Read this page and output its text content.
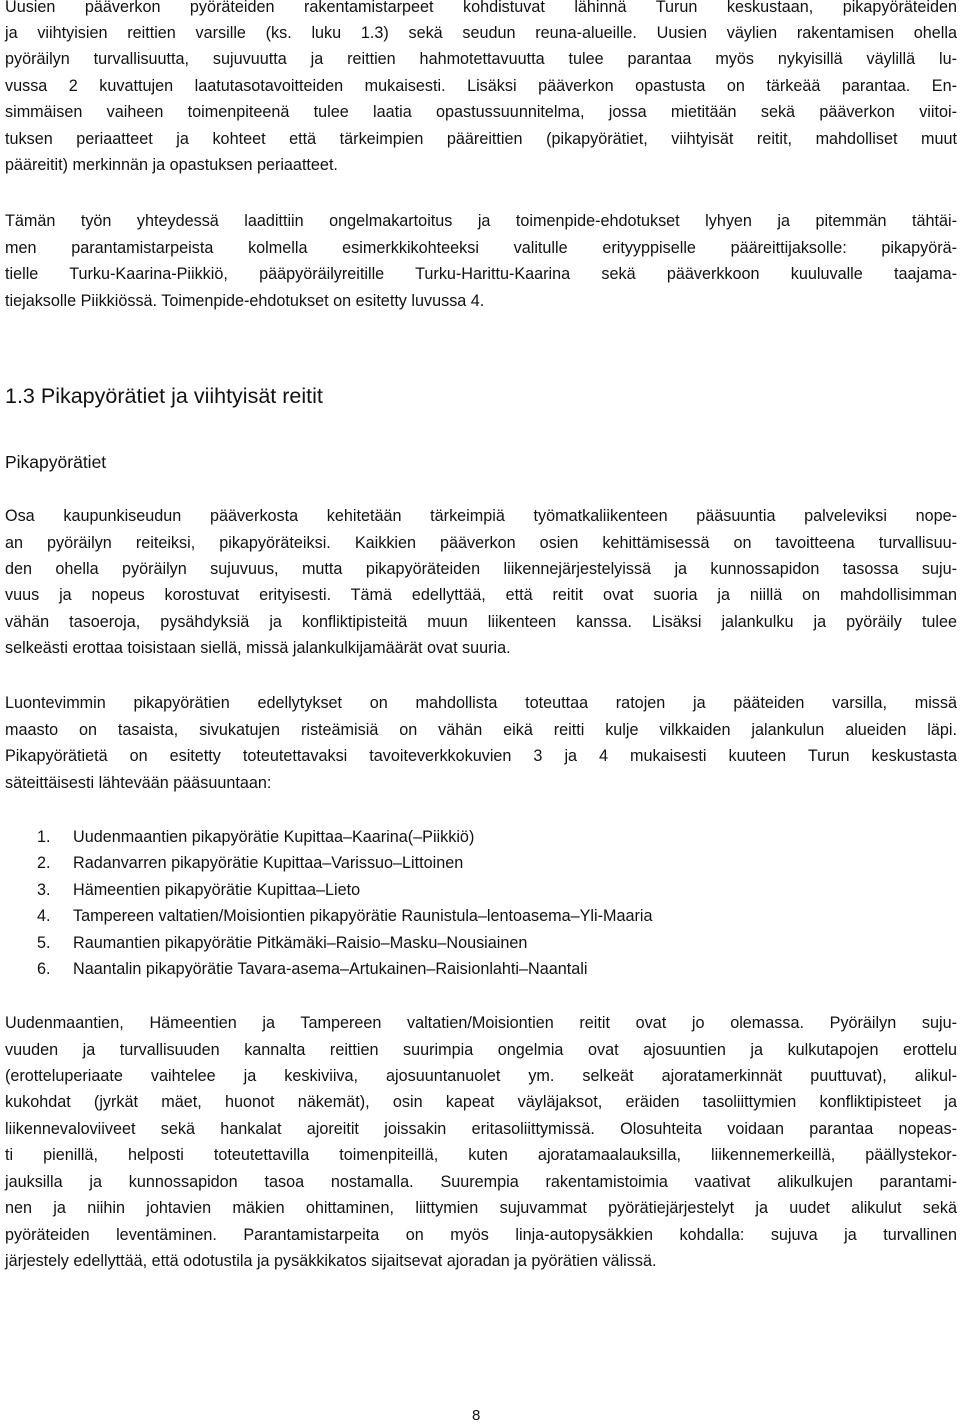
Uusien pääverkon pyöräteiden rakentamistarpeet kohdistuvat lähinnä Turun keskustaan, pikapyöräteiden
ja viihtyisien reittien varsille (ks. luku 1.3) sekä seudun reuna-alueille. Uusien väylien rakentamisen ohella
pyöräilyn turvallisuutta, sujuvuutta ja reittien hahmotettavuutta tulee parantaa myös nykyisillä väylillä lu-
vussa 2 kuvattujen laatutasotavoitteiden mukaisesti. Lisäksi pääverkon opastusta on tärkeää parantaa. En-
simmäisen vaiheen toimenpiteenä tulee laatia opastussuunnitelma, jossa mietitään sekä pääverkon viitoi-
tuksen periaatteet ja kohteet että tärkeimpien pääreittien (pikapyörätiet, viihtyisät reitit, mahdolliset muut
pääreitit) merkinnän ja opastuksen periaatteet.
Tämän työn yhteydessä laadittiin ongelmakartoitus ja toimenpide-ehdotukset lyhyen ja pitemmän tähtäi-
men parantamistarpeista kolmella esimerkkikohteeksi valitulle erityyppiselle pääreittijaksolle: pikapyörä-
tielle Turku-Kaarina-Piikkiö, pääpyöräilyreitille Turku-Harittu-Kaarina sekä pääverkkoon kuuluvalle taajama-
tiejaksolle Piikkiössä. Toimenpide-ehdotukset on esitetty luvussa 4.
1.3 Pikapyörätiet ja viihtyisät reitit
Pikapyörätiet
Osa kaupunkiseudun pääverkosta kehitetään tärkeimpiä työmatkaliikenteen pääsuuntia palveleviksi nope-
an pyöräilyn reiteiksi, pikapyöräteiksi. Kaikkien pääverkon osien kehittämisessä on tavoitteena turvallisuu-
den ohella pyöräilyn sujuvuus, mutta pikapyöräteiden liikennejärjestelyissä ja kunnossapidon tasossa suju-
vuus ja nopeus korostuvat erityisesti. Tämä edellyttää, että reitit ovat suoria ja niillä on mahdollisimman
vähän tasoeroja, pysähdyksiä ja konfliktipisteitä muun liikenteen kanssa. Lisäksi jalankulku ja pyöräily tulee
selkeästi erottaa toisistaan siellä, missä jalankulkijamäärät ovat suuria.
Luontevimmin pikapyörätien edellytykset on mahdollista toteuttaa ratojen ja pääteiden varsilla, missä
maasto on tasaista, sivukatujen risteämisiä on vähän eikä reitti kulje vilkkaiden jalankulun alueiden läpi.
Pikapyörätietä on esitetty toteutettavaksi tavoiteverkkokuvien 3 ja 4 mukaisesti kuuteen Turun keskustasta
säteittäisesti lähtevään pääsuuntaan:
1. Uudenmaantien pikapyörätie Kupittaa–Kaarina(–Piikkiö)
2. Radanvarren pikapyörätie Kupittaa–Varissuo–Littoinen
3. Hämeentien pikapyörätie Kupittaa–Lieto
4. Tampereen valtatien/Moisiontien pikapyörätie Raunistula–lentoasema–Yli-Maaria
5. Raumantien pikapyörätie Pitkämäki–Raisio–Masku–Nousiainen
6. Naantalin pikapyörätie Tavara-asema–Artukainen–Raisionlahti–Naantali
Uudenmaantien, Hämeentien ja Tampereen valtatien/Moisiontien reitit ovat jo olemassa. Pyöräilyn suju-
vuuden ja turvallisuuden kannalta reittien suurimpia ongelmia ovat ajosuuntien ja kulkutapojen erottelu
(erotteluperiaate vaihtelee ja keskiviiva, ajosuuntanuolet ym. selkeät ajoratamerkinnät puuttuvat), alikul-
kukohdat (jyrkät mäet, huonot näkemät), osin kapeat väyläjaksot, eräiden tasoliittymien konfliktipisteet ja
liikennevaloviiveet sekä hankalat ajoreitit joissakin eritasoliittymissä. Olosuhteita voidaan parantaa nopeas-
ti pienillä, helposti toteutettavilla toimenpiteillä, kuten ajoratamaalauksilla, liikennemerkeillä, päällystekor-
jauksilla ja kunnossapidon tasoa nostamalla. Suurempia rakentamistoimia vaativat alikulkujen parantami-
nen ja niihin johtavien mäkien ohittaminen, liittymien sujuvammat pyörätiejärjestelyt ja uudet alikulut sekä
pyöräteiden leventäminen. Parantamistarpeita on myös linja-autopysäkkien kohdalla: sujuva ja turvallinen
järjestely edellyttää, että odotustila ja pysäkkikatos sijaitsevat ajoradan ja pyörätien välissä.
8
